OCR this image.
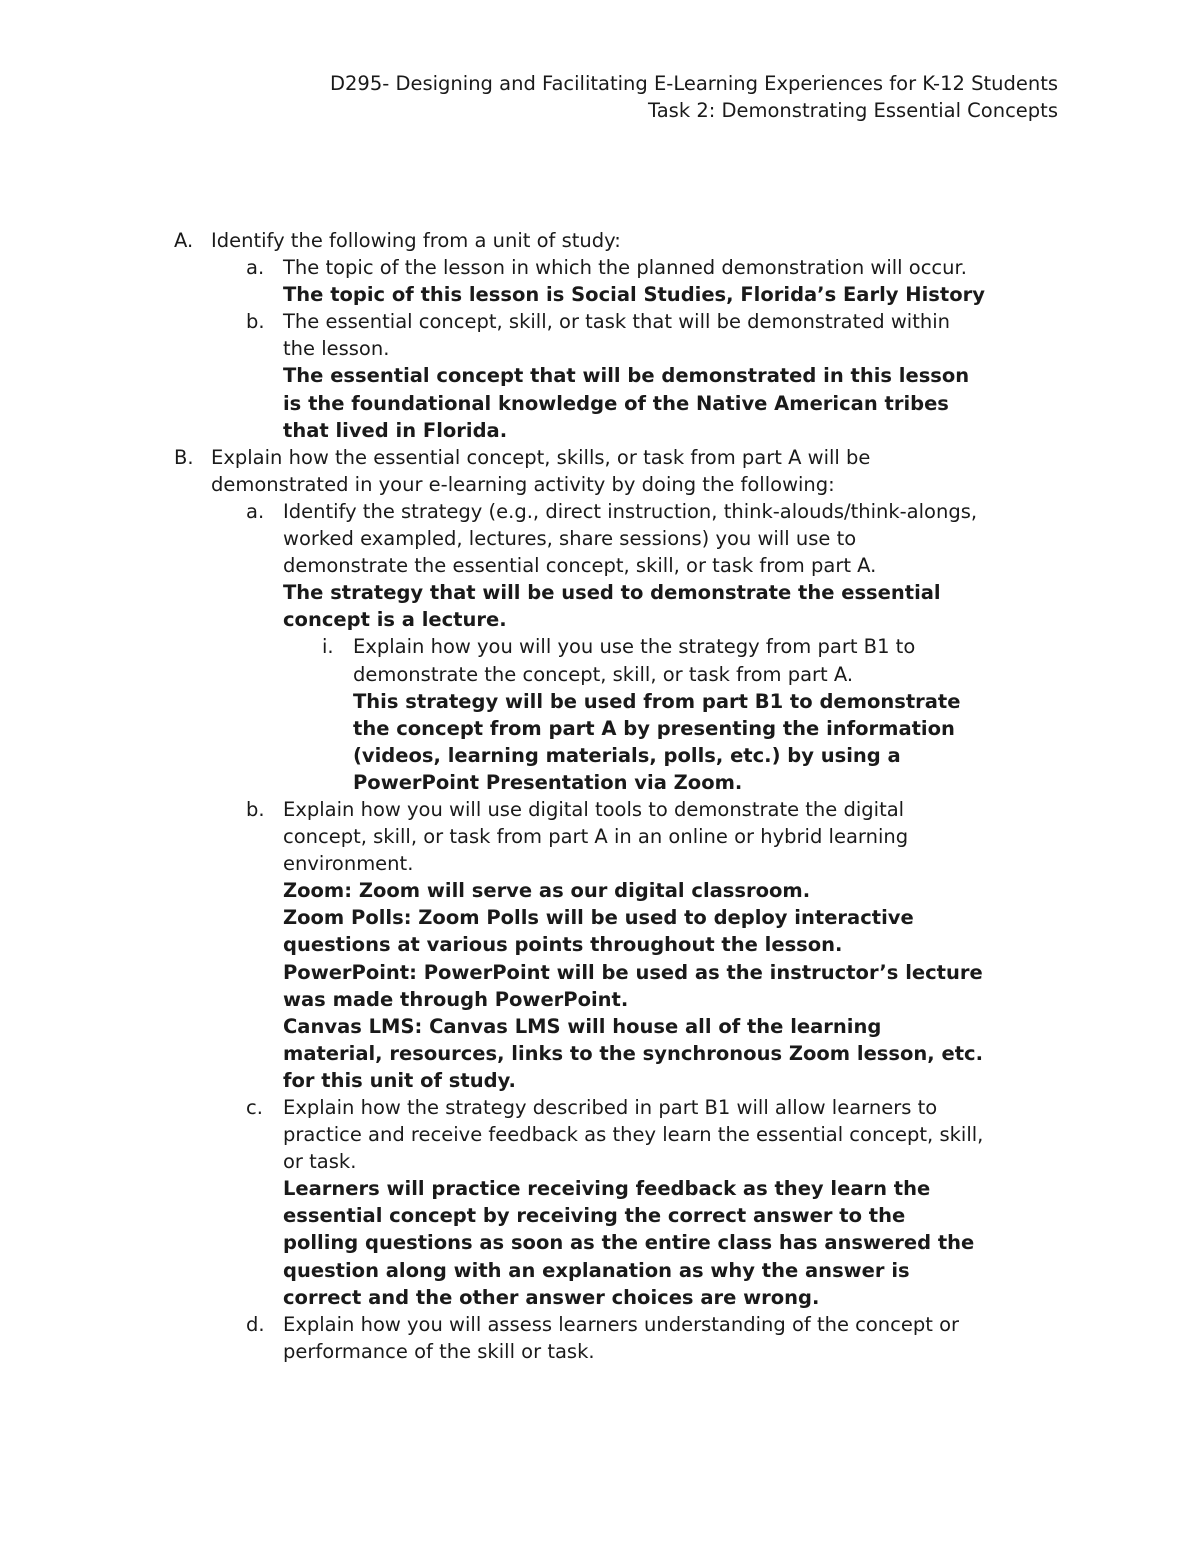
D295- Designing and Facilitating E-Learning Experiences for K-12 Students
Task 2: Demonstrating Essential Concepts
A. Identify the following from a unit of study:
a. The topic of the lesson in which the planned demonstration will occur.
The topic of this lesson is Social Studies, Florida’s Early History
b. The essential concept, skill, or task that will be demonstrated within
the lesson.
The essential concept that will be demonstrated in this lesson
is the foundational knowledge of the Native American tribes
that lived in Florida.
B. Explain how the essential concept, skills, or task from part A will be
demonstrated in your e-learning activity by doing the following:
a. Identify the strategy (e.g., direct instruction, think-alouds/think-alongs,
worked exampled, lectures, share sessions) you will use to
demonstrate the essential concept, skill, or task from part A.
The strategy that will be used to demonstrate the essential
concept is a lecture.
i. Explain how you will you use the strategy from part B1 to
demonstrate the concept, skill, or task from part A.
This strategy will be used from part B1 to demonstrate
the concept from part A by presenting the information
(videos, learning materials, polls, etc.) by using a
PowerPoint Presentation via Zoom.
b. Explain how you will use digital tools to demonstrate the digital
concept, skill, or task from part A in an online or hybrid learning
environment.
Zoom: Zoom will serve as our digital classroom.
Zoom Polls: Zoom Polls will be used to deploy interactive
questions at various points throughout the lesson.
PowerPoint: PowerPoint will be used as the instructor’s lecture
was made through PowerPoint.
Canvas LMS: Canvas LMS will house all of the learning
material, resources, links to the synchronous Zoom lesson, etc.
for this unit of study.
c. Explain how the strategy described in part B1 will allow learners to
practice and receive feedback as they learn the essential concept, skill,
or task.
Learners will practice receiving feedback as they learn the
essential concept by receiving the correct answer to the
polling questions as soon as the entire class has answered the
question along with an explanation as why the answer is
correct and the other answer choices are wrong.
d. Explain how you will assess learners understanding of the concept or
performance of the skill or task.
